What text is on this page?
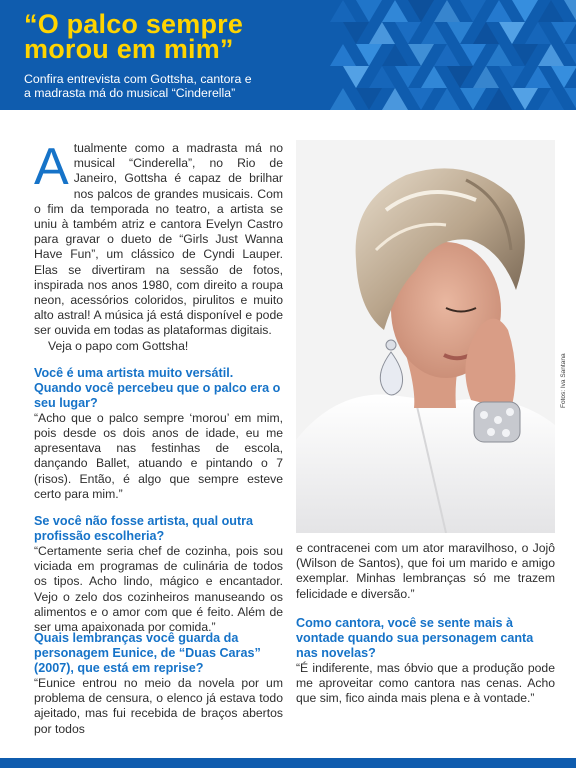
“O palco sempre
morou em mim”
Confira entrevista com Gottsha, cantora e
a madrasta má do musical “Cinderella”

Atualmente como a madrasta má no musical “Cinderella”, no Rio de Janeiro, Gottsha é capaz de brilhar nos palcos de grandes musicais. Com o fim da temporada no teatro, a artista se uniu à também atriz e cantora Evelyn Castro para gravar o dueto de “Girls Just Wanna Have Fun”, um clássico de Cyndi Lauper. Elas se divertiram na sessão de fotos, inspirada nos anos 1980, com direito a roupa neon, acessórios coloridos, pirulitos e muito alto astral! A música já está disponível e pode ser ouvida em todas as plataformas digitais.

Veja o papo com Gottsha!

Você é uma artista muito versátil. Quando você percebeu que o palco era o seu lugar?

“Acho que o palco sempre ‘morou’ em mim, pois desde os dois anos de idade, eu me apresentava nas festinhas de escola, dançando Ballet, atuando e pintando o 7 (risos). Então, é algo que sempre esteve certo para mim.”

Se você não fosse artista, qual outra profissão escolheria?

“Certamente seria chef de cozinha, pois sou viciada em programas de culinária de todos os tipos. Acho lindo, mágico e encantador. Vejo o zelo dos cozinheiros manuseando os alimentos e o amor com que é feito. Além de ser uma apaixonada por comida.”

Quais lembranças você guarda da personagem Eunice, de “Duas Caras” (2007), que está em reprise?

“Eunice entrou no meio da novela por um problema de censura, o elenco já estava todo ajeitado, mas fui recebida de braços abertos por todos

e contracenei com um ator maravilhoso, o Jojô (Wilson de Santos), que foi um marido e amigo exemplar. Minhas lembranças só me trazem felicidade e diversão.”

Como cantora, você se sente mais à vontade quando sua personagem canta nas novelas?

“É indiferente, mas óbvio que a produção pode me aproveitar como cantora nas cenas. Acho que sim, fico ainda mais plena e à vontade.”

Fotos: Iva Santana
